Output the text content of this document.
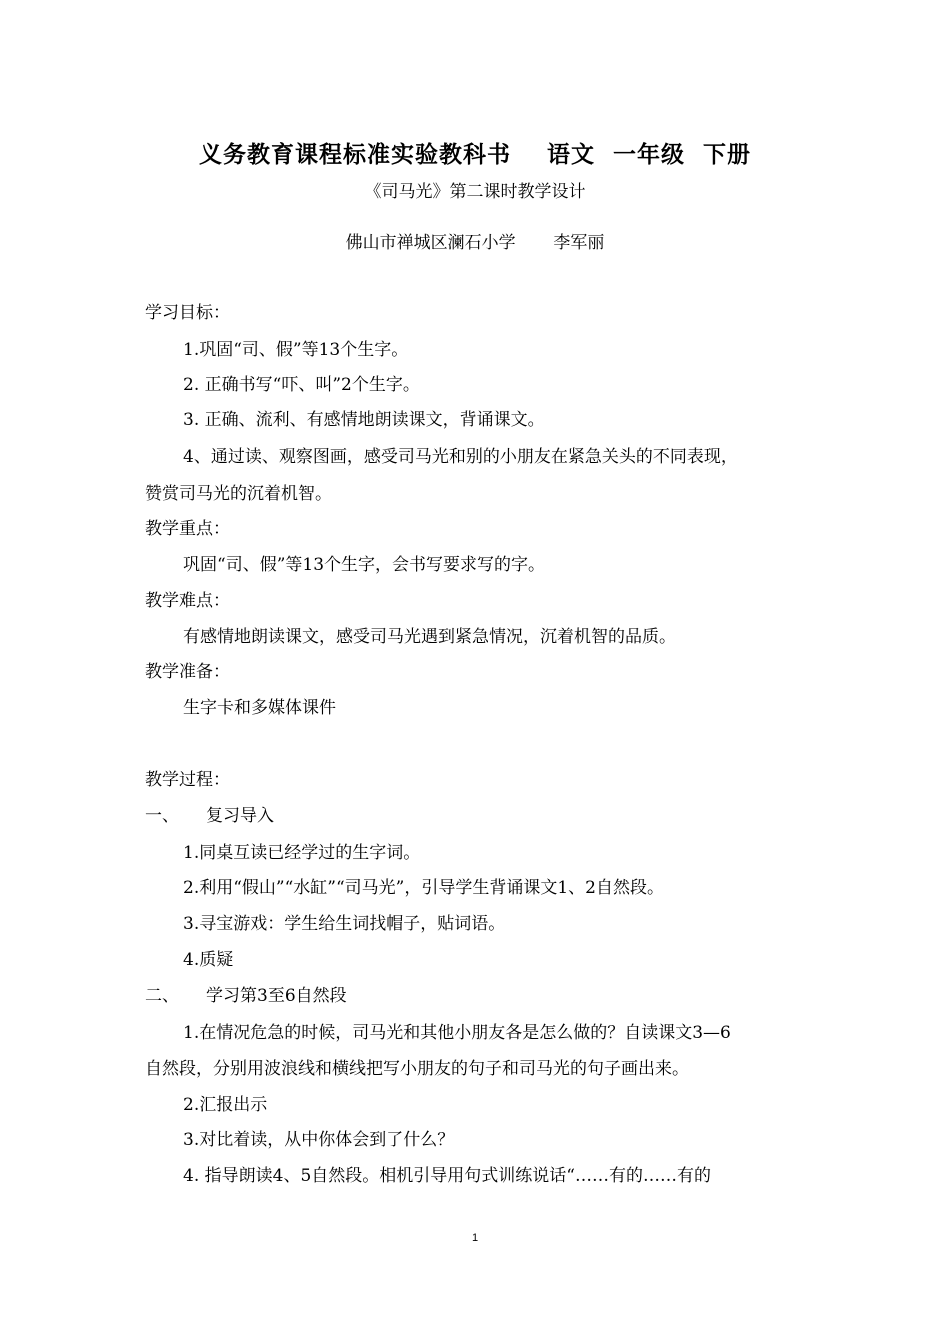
义务教育课程标准实验教科书    语文  一年级  下册
《司马光》第二课时教学设计
佛山市禅城区澜石小学       李军丽
学习目标：
1.巩固“司、假”等13个生字。
2. 正确书写“吓、叫”2个生字。
3. 正确、流利、有感情地朗读课文，背诵课文。
4、通过读、观察图画，感受司马光和别的小朋友在紧急关头的不同表现，
赞赏司马光的沉着机智。
教学重点：
巩固“司、假”等13个生字，会书写要求写的字。
教学难点：
有感情地朗读课文，感受司马光遇到紧急情况，沉着机智的品质。
教学准备：
生字卡和多媒体课件
教学过程：
一、     复习导入
1.同桌互读已经学过的生字词。
2.利用“假山”“水缸”“司马光”，引导学生背诵课文1、2自然段。
3.寻宝游戏：学生给生词找帽子，贴词语。
4.质疑
二、     学习第3至6自然段
1.在情况危急的时候，司马光和其他小朋友各是怎么做的？自读课文3—6
自然段，分别用波浪线和横线把写小朋友的句子和司马光的句子画出来。
2.汇报出示
3.对比着读，从中你体会到了什么？
4. 指导朗读4、5自然段。相机引导用句式训练说话“……有的……有的
1
